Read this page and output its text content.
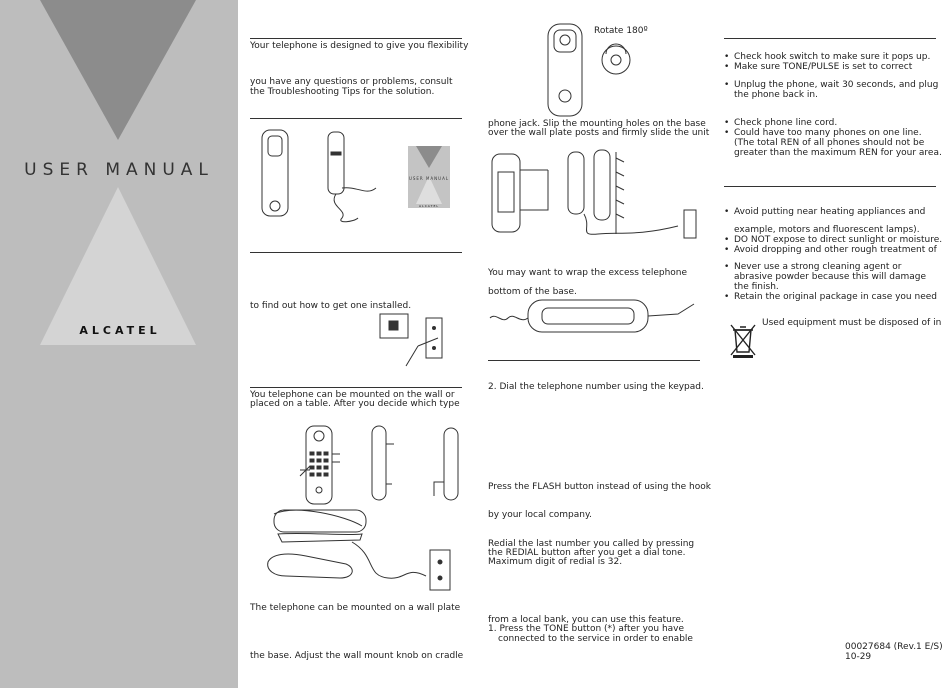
USER MANUAL
ALCATEL
Your telephone is designed to give you flexibility
you have any questions or problems, consult
the Troubleshooting Tips for the solution.
USER MANUAL
ALCATEL
to find out how to get one installed.
You telephone can be mounted on the wall or
placed on a table. After you decide which type
The telephone can be mounted on a wall plate
the base. Adjust the wall mount knob on cradle
Rotate 180º
phone jack. Slip the mounting holes on the base
over the wall plate posts and firmly slide the unit
You may want to wrap the excess telephone
bottom of the base.
2. Dial the telephone number using the keypad.
Press the FLASH button instead of using the hook
by your local company.
Redial the last number you called by pressing
the REDIAL button after you get a dial tone.
Maximum digit of redial is 32.
from a local bank, you can use this feature.
1. Press the TONE button (*) after you have
connected to the service in order to enable
• Check hook switch to make sure it pops up.
• Make sure TONE/PULSE is set to correct
• Unplug the phone, wait 30 seconds, and plug
the phone back in.
• Check phone line cord.
• Could have too many phones on one line.
(The total REN of all phones should not be
greater than the maximum REN for your area.
• Avoid putting near heating appliances and
example, motors and fluorescent lamps).
• DO NOT expose to direct sunlight or moisture.
• Avoid dropping and other rough treatment of
• Never use a strong cleaning agent or
abrasive powder because this will damage
the finish.
• Retain the original package in case you need
Used equipment must be disposed of in
00027684 (Rev.1 E/S)
10-29
